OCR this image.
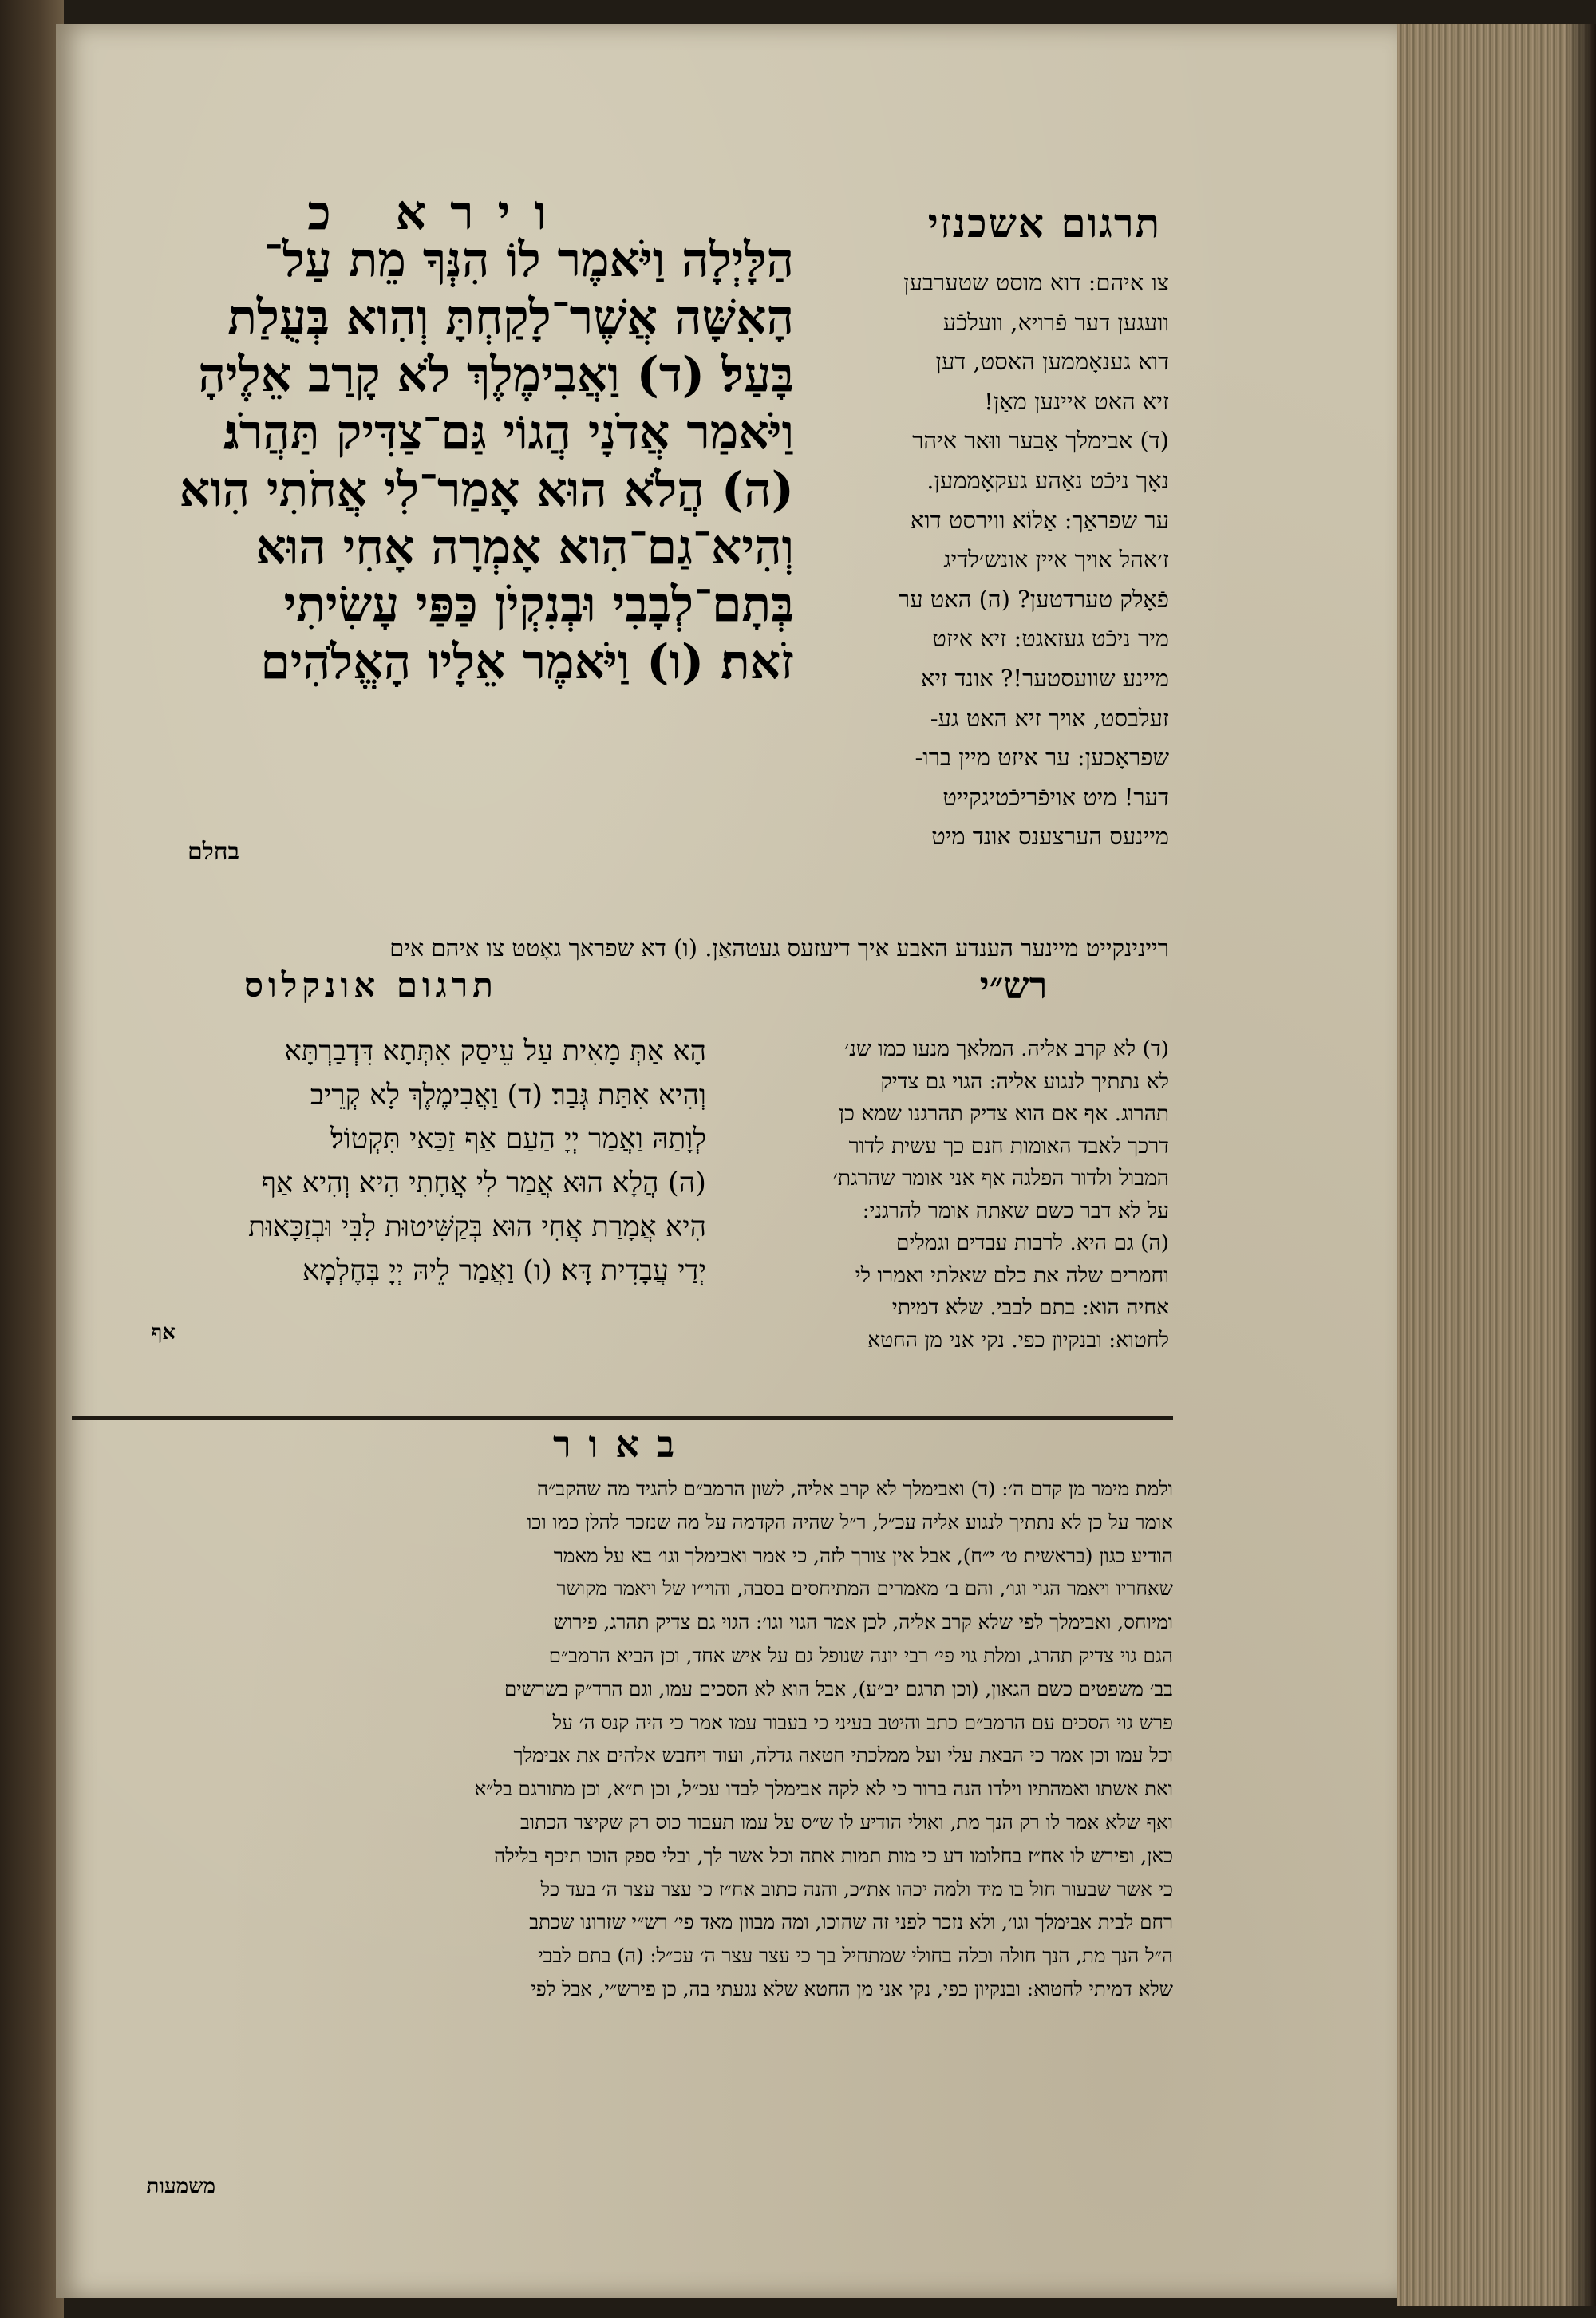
תרגום אשכנזי
וירא כ
הַלָּיְלָה וַיֹּאמֶר לוֹ הִנְּךָ מֵת עַל־
הָאִשָּׁה אֲשֶׁר־לָקַחְתָּ וְהִוא בְּעֻלַת
בָּעַל׃ (ד) וַאֲבִימֶלֶךְ לֹא קָרַב אֵלֶיהָ
וַיֹּאמַר אֲדֹנָי הֲגוֹי גַּם־צַדִּיק תַּהֲרֹג׃
(ה) הֲלֹא הוּא אָמַר־לִי אֲחֹתִי הִוא
וְהִיא־גַם־הִוא אָמְרָה אָחִי הוּא
בְּתָם־לְבָבִי וּבְנִקְיֹן כַּפַּי עָשִׂיתִי
זֹאת׃ (ו) וַיֹּאמֶר אֵלָיו הָאֱלֹהִים
בחלם
צו איהם: דוא מוסט שטערבען
וועגען דער פֿרויא, וועלכֿע
דוא גענאָממען האסט, דען
זיא האט איינען מאַן!
(ד) אבימלך אַבער ווּאר איהר
נאָך ניכֿט נאַהע געקאָממען.
ער שפראַך: אַלוֹא ווירסט דוא
ז׳אהל אויך איין אונש׳לדיג
פֿאָלק טערדטען? (ה) האט ער
מיר ניכֿט געזאגט: זיא איזט
מיינע שוועסטער!? אונד זיא
זעלבסט, אויך זיא האט גע-
שפראָכען: ער איזט מיין ברו-
דער! מיט אויפֿריכֿטיגקייט
מיינעס הערצענס אונד מיט
ריינינקייט מיינער הענדע האבע איך דיעזעס געטהאַן. (ו) דא שפראך גאָטט צו איהם אים
רש״י
תרגום אונקלוס
(ד) לא קרב אליה. המלאך מנעו כמו שנ׳
לא נתתיך לנגוע אליה: הגוי גם צדיק
תהרוג. אף אם הוא צדיק תהרגנו שמא כן
דרכך לאבד האומות חנם כך עשית לדור
המבול ולדור הפלגה אף אני אומר שהרגת׳
על לא דבר כשם שאתה אומר להרגני:
(ה) גם היא. לרבות עבדים וגמלים
וחמרים שלה את כלם שאלתי ואמרו לי
אחיה הוא: בתם לבבי. שלא דמיתי
לחטוא: ובנקיון כפי. נקי אני מן החטא
הָא אַתְּ מָאִית עַל עֵיסַק אִתְּתָא דִּדְבַרְתָּא
וְהִיא אִתַּת גְּבַר׃ (ד) וַאֲבִימֶלֶךְ לָא קְרֵיב
לְוָתַהּ וַאֲמַר יְיָ הַעַם אַף זַכַּאי תִּקְטוֹל׃
(ה) הֲלָא הוּא אֲמַר לִי אֲחָתִי הִיא וְהִיא אַף
הִיא אֲמָרַת אֲחִי הוּא בְּקַשִּׁיטוּת לִבִּי וּבְזַכָּאוּת
יְדַי עֲבָדִית דָּא׃ (ו) וַאֲמַר לֵיהּ יְיָ בְּחֶלְמָא
אף
באור
ולמת מימר מן קדם ה׳: (ד) ואבימלך לא קרב אליה, לשון הרמב״ם להגיד מה שהקב״ה
אומר על כן לא נתתיך לנגוע אליה עכ״ל, ר״ל שהיה הקדמה על מה שנזכר להלן כמו וכו
הודיע כגון (בראשית ט׳ י״ח), אבל אין צורך לזה, כי אמר ואבימלך וגו׳ בא על מאמר
שאחריו ויאמר הגוי וגו׳, והם ב׳ מאמרים המתיחסים בסבה, והוי״ו של ויאמר מקושר
ומיוחס, ואבימלך לפי שלא קרב אליה, לכן אמר הגוי וגו׳: הגוי גם צדיק תהרג, פירוש
הגם גוי צדיק תהרג, ומלת גוי פי׳ רבי יונה שנופל גם על איש אחד, וכן הביא הרמב״ם
בב׳ משפטים כשם הגאון, (וכן תרגם יב״ע), אבל הוא לא הסכים עמו, וגם הרד״ק בשרשים
פרש גוי הסכים עם הרמב״ם כתב והיטב בעיני כי בעבור עמו אמר כי היה קנס ה׳ על
וכל עמו וכן אמר כי הבאת עלי ועל ממלכתי חטאה גדלה, ועוד ויחבש אלהים את אבימלך
ואת אשתו ואמהתיו וילדו הנה ברור כי לא לקה אבימלך לבדו עכ״ל, וכן ת״א, וכן מתורגם בל״א
ואף שלא אמר לו רק הנך מת, ואולי הודיע לו ש״ס על עמו תעבור כוס רק שקיצר הכתוב
כאן, ופירש לו אח״ז בחלומו דע כי מות תמות אתה וכל אשר לך, ובלי ספק הוכו תיכף בלילה
כי אשר שבעור חול בו מיד ולמה יכהו את״כ, והנה כתוב אח״ז כי עצר עצר ה׳ בעד כל
רחם לבית אבימלך וגו׳, ולא נזכר לפני זה שהוכו, ומה מבוון מאד פי׳ רש״י שזרונו שכתב
ה״ל הנך מת, הנך חולה וכלה בחולי שמתחיל בך כי עצר עצר ה׳ עכ״ל: (ה) בתם לבבי
שלא דמיתי לחטוא: ובנקיון כפי, נקי אני מן החטא שלא נגעתי בה, כן פירש״י, אבל לפי
משמעות
